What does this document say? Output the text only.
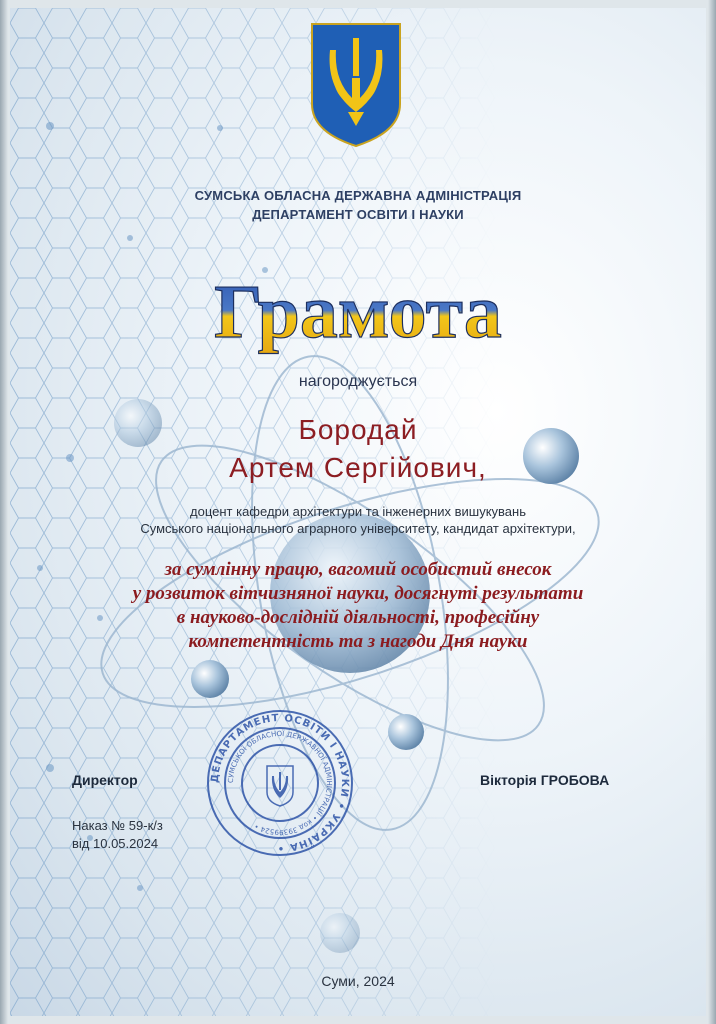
СУМСЬКА ОБЛАСНА ДЕРЖАВНА АДМІНІСТРАЦІЯ
ДЕПАРТАМЕНТ ОСВІТИ І НАУКИ
Грамота
нагороджується
Бородай
Артем Сергійович,
доцент кафедри архітектури та інженерних вишукувань
Сумського національного аграрного університету, кандидат архітектури,
за сумлінну працю, вагомий особистий внесок
у розвиток вітчизняної науки, досягнуті результати
в науково-дослідній діяльності, професійну
компетентність та з нагоди Дня науки
Директор	Вікторія ГРОБОВА
Наказ № 59-к/з
від 10.05.2024
ДЕПАРТАМЕНТ ОСВІТИ І НАУКИ • УКРАЇНА •
СУМСЬКОЇ ОБЛАСНОЇ ДЕРЖАВНОЇ АДМІНІСТРАЦІЇ • код 39399524 •
Суми, 2024
